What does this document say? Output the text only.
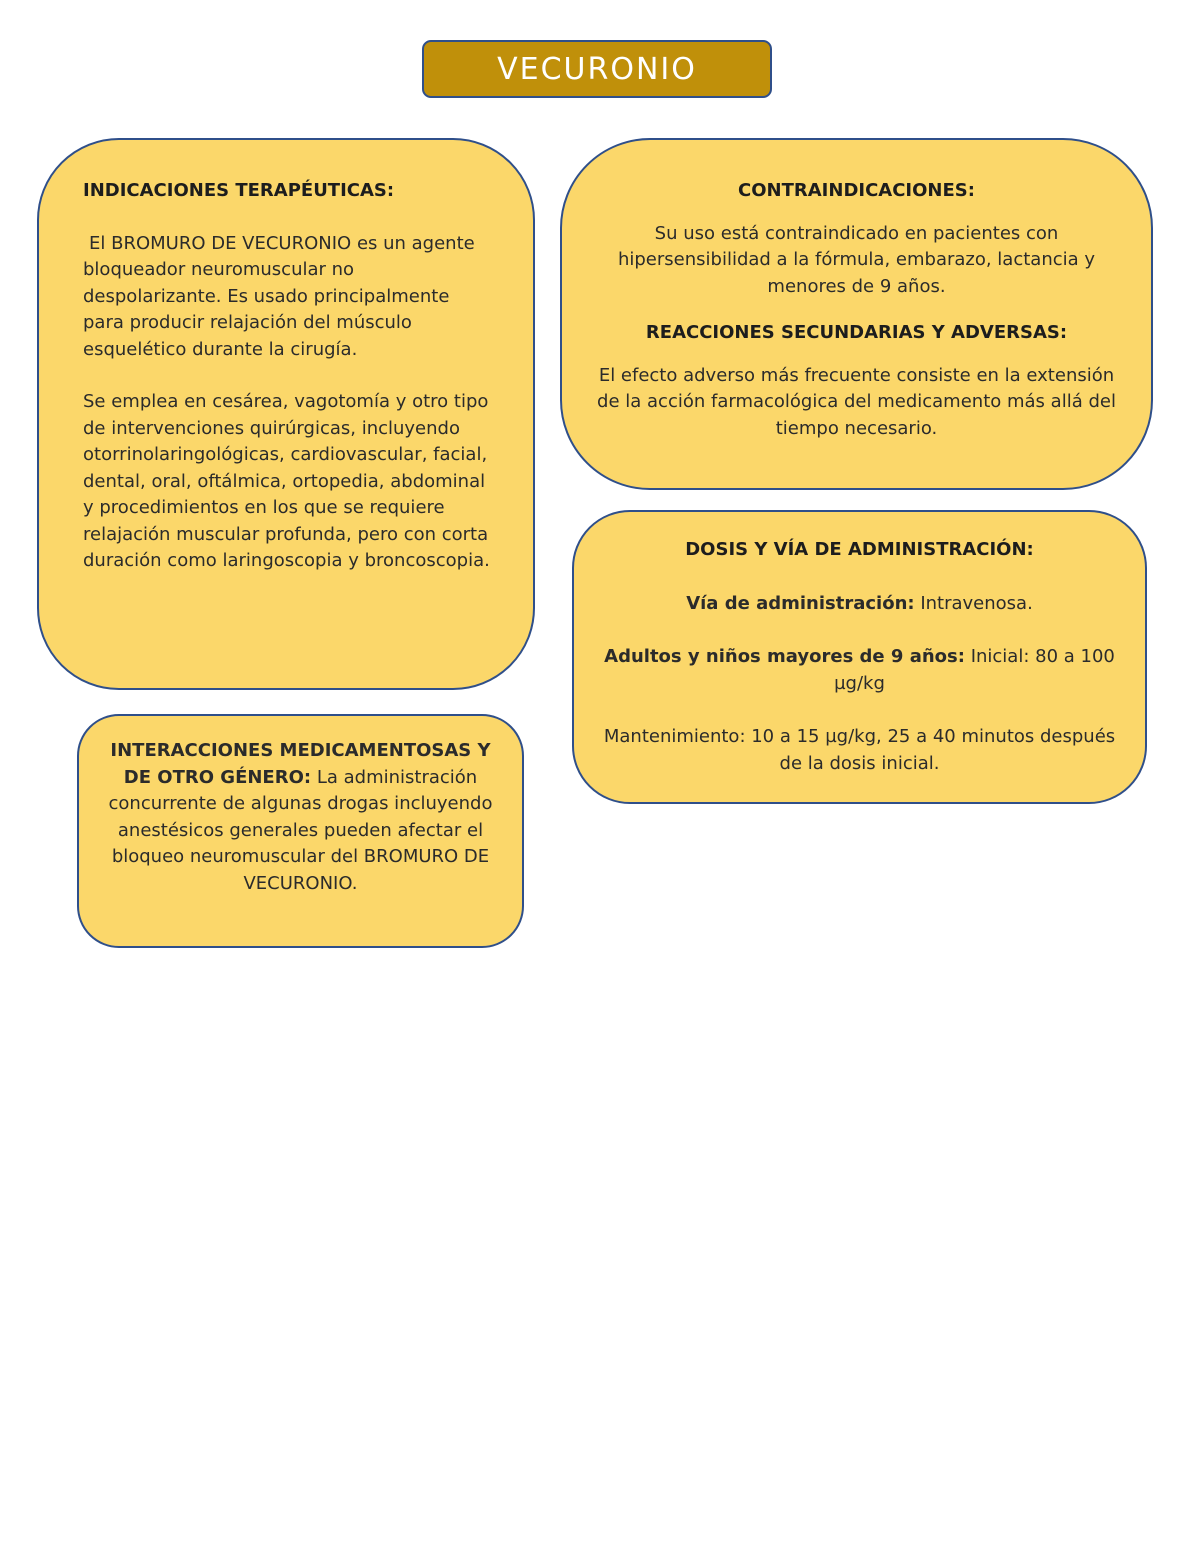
VECURONIO

INDICACIONES TERAPÉUTICAS:

El BROMURO DE VECURONIO es un agente bloqueador neuromuscular no despolarizante. Es usado principalmente para producir relajación del músculo esquelético durante la cirugía.

Se emplea en cesárea, vagotomía y otro tipo de intervenciones quirúrgicas, incluyendo otorrinolaringológicas, cardiovascular, facial, dental, oral, oftálmica, ortopedia, abdominal y procedimientos en los que se requiere relajación muscular profunda, pero con corta duración como laringoscopia y broncoscopia.

CONTRAINDICACIONES:

Su uso está contraindicado en pacientes con hipersensibilidad a la fórmula, embarazo, lactancia y menores de 9 años.

REACCIONES SECUNDARIAS Y ADVERSAS:

El efecto adverso más frecuente consiste en la extensión de la acción farmacológica del medicamento más allá del tiempo necesario.

DOSIS Y VÍA DE ADMINISTRACIÓN:

Vía de administración: Intravenosa.

Adultos y niños mayores de 9 años: Inicial: 80 a 100 µg/kg

Mantenimiento: 10 a 15 µg/kg, 25 a 40 minutos después de la dosis inicial.

INTERACCIONES MEDICAMENTOSAS Y DE OTRO GÉNERO: La administración concurrente de algunas drogas incluyendo anestésicos generales pueden afectar el bloqueo neuromuscular del BROMURO DE VECURONIO.
